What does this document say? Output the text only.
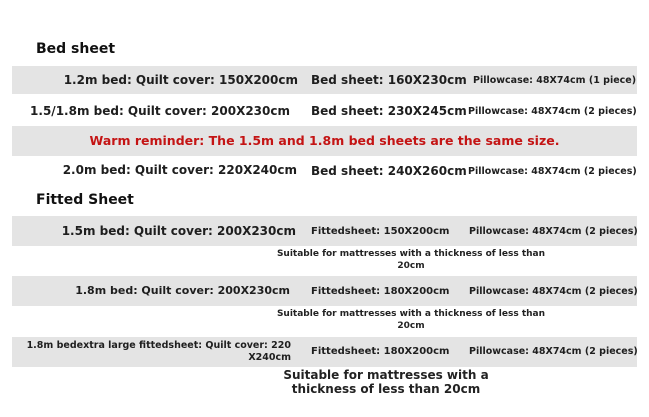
Bed sheet
1.2m bed: Quilt cover: 150X200cm Bed sheet: 160X230cm Pillowcase: 48X74cm (1 piece)
1.5/1.8m bed: Quilt cover: 200X230cm Bed sheet: 230X245cm Pillowcase: 48X74cm (2 pieces)
Warm reminder: The 1.5m and 1.8m bed sheets are the same size.
2.0m bed: Quilt cover: 220X240cm Bed sheet: 240X260cm Pillowcase: 48X74cm (2 pieces)
Fitted Sheet
1.5m bed: Quilt cover: 200X230cm Fittedsheet: 150X200cm Pillowcase: 48X74cm (2 pieces)
Suitable for mattresses with a thickness of less than
20cm
1.8m bed: Quilt cover: 200X230cm Fittedsheet: 180X200cm Pillowcase: 48X74cm (2 pieces)
Suitable for mattresses with a thickness of less than
20cm
1.8m bedextra large fittedsheet: Quilt cover: 220
X240cm
Fittedsheet: 180X200cm Pillowcase: 48X74cm (2 pieces)
Suitable for mattresses with a
thickness of less than 20cm
